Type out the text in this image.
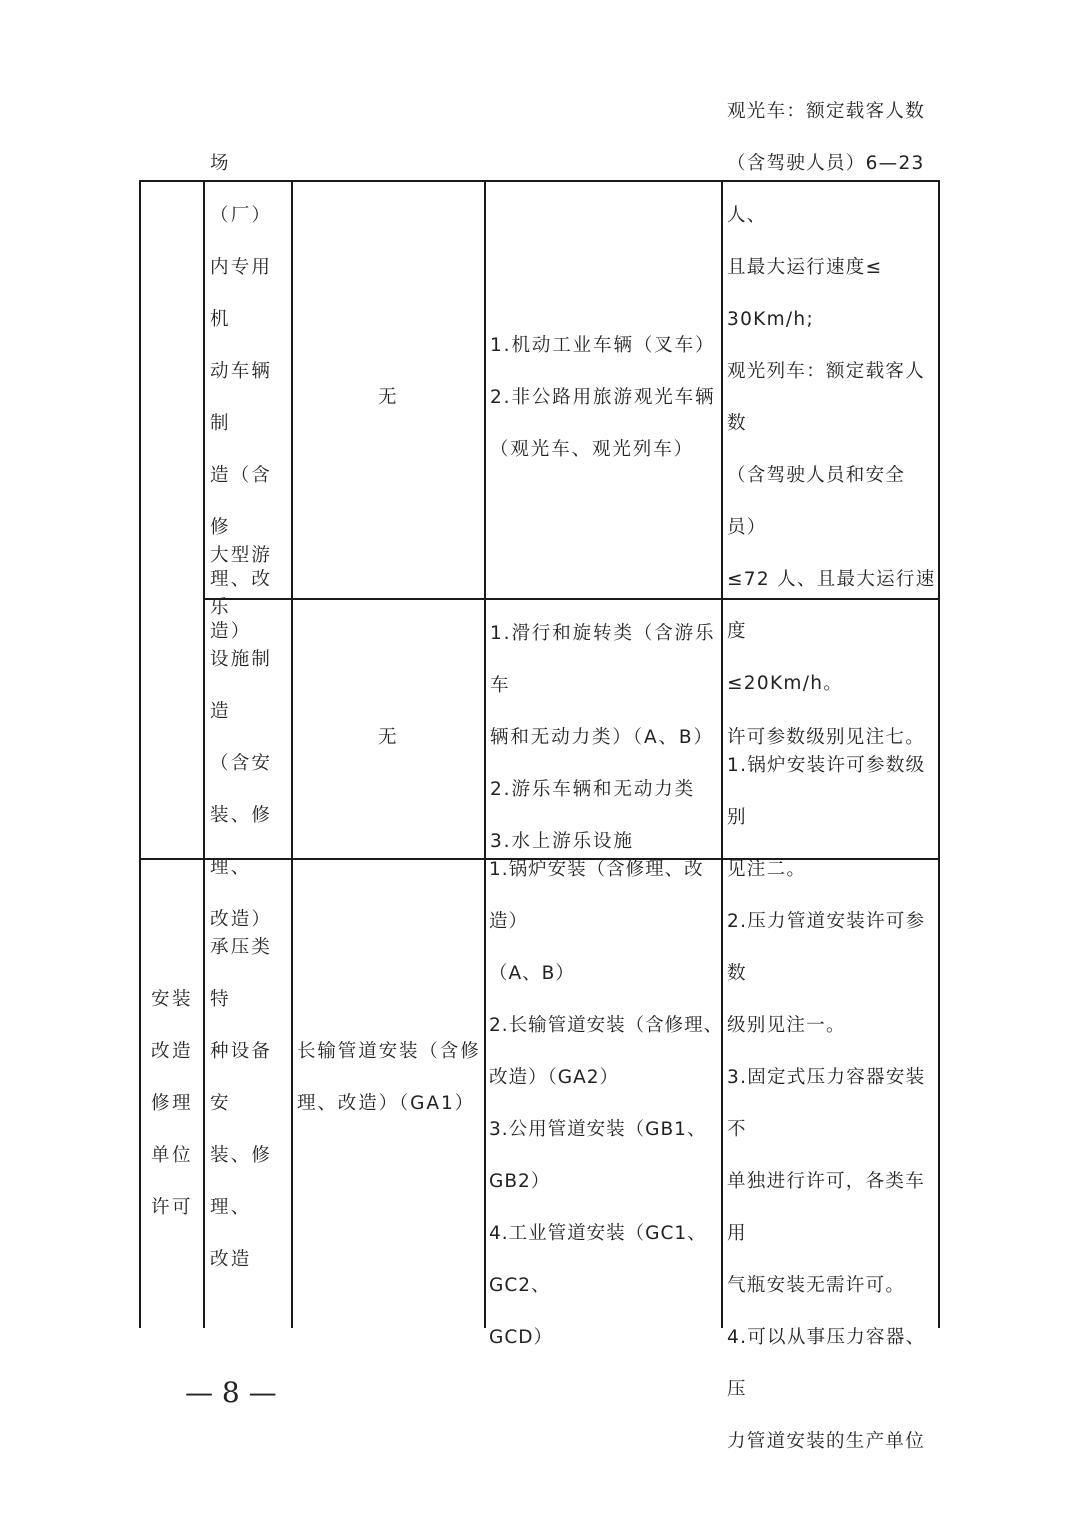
场（厂）
内专用机
动车辆制
造（含修
理、改造）
无
1.机动工业车辆（叉车）
2.非公路用旅游观光车辆
（观光车、观光列车）
观光车：额定载客人数
（含驾驶人员）6—23 人、
且最大运行速度≤
30Km/h;
观光列车：额定载客人数
（含驾驶人员和安全员）
≤72 人、且最大运行速度
≤20Km/h。
大型游乐
设施制造
（含安
装、修理、
改造）
无
1.滑行和旋转类（含游乐车
辆和无动力类）（A、B）
2.游乐车辆和无动力类
3.水上游乐设施
许可参数级别见注七。
安装
改造
修理
单位
许可
承压类特
种设备安
装、修理、
改造
长输管道安装（含修
理、改造）（GA1）
1.锅炉安装（含修理、改造）
（A、B）
2.长输管道安装（含修理、
改造）（GA2）
3.公用管道安装（GB1、GB2）
4.工业管道安装（GC1、GC2、
GCD）
1.锅炉安装许可参数级别
见注二。
2.压力管道安装许可参数
级别见注一。
3.固定式压力容器安装不
单独进行许可，各类车用
气瓶安装无需许可。
4.可以从事压力容器、压
力管道安装的生产单位
— 8 —
